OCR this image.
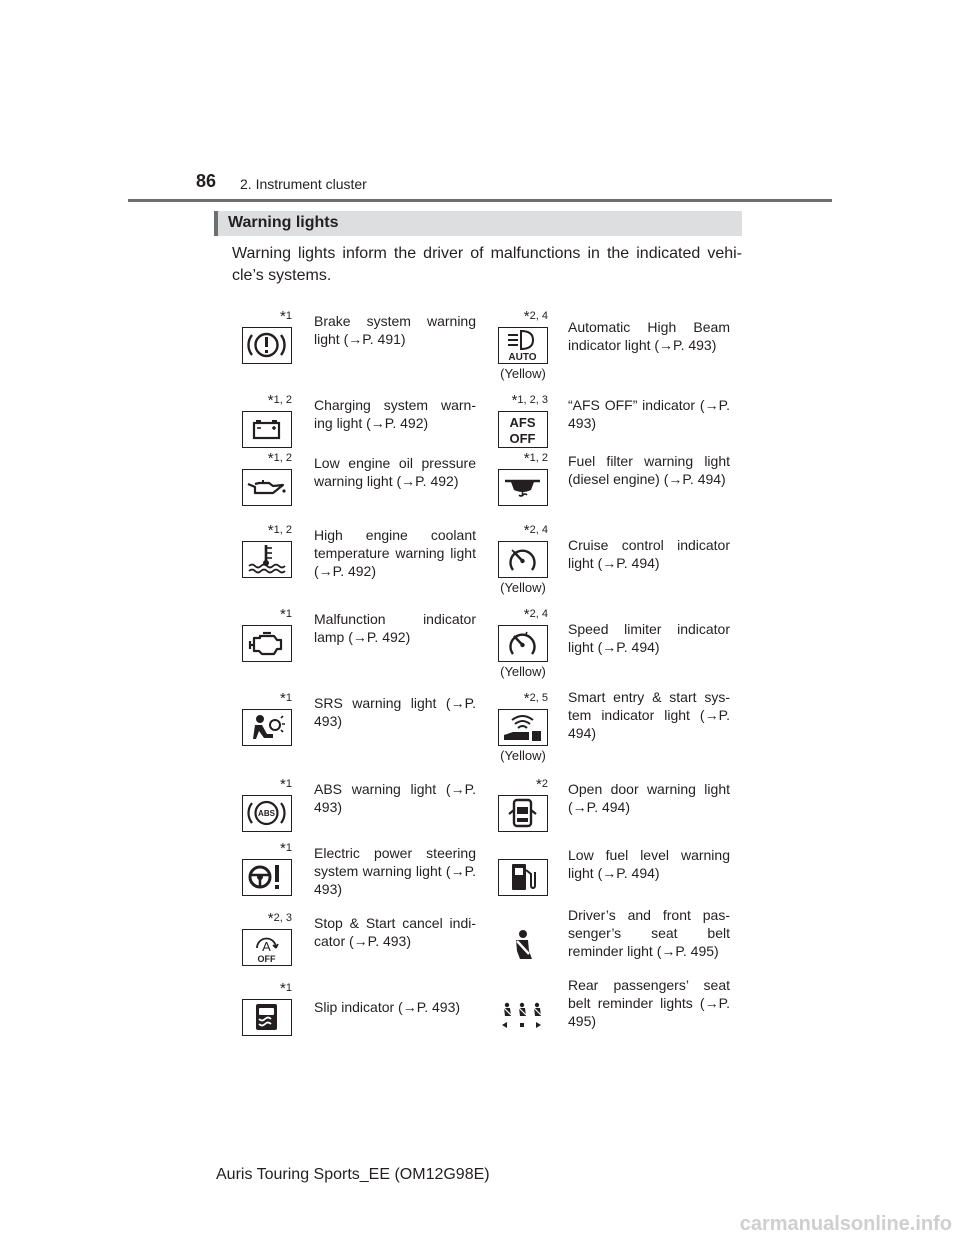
86 2. Instrument cluster
Warning lights
Warning lights inform the driver of malfunctions in the indicated vehi-cle’s systems.
*1 Brake system warning light (→P. 491)
*1, 2 Charging system warn-ing light (→P. 492)
*1, 2 Low engine oil pressure warning light (→P. 492)
*1, 2 High engine coolant temperature warning light (→P. 492)
*1 Malfunction indicator lamp (→P. 492)
*1 SRS warning light (→P. 493)
*1
ABS
ABS warning light (→P. 493)
*1 Electric power steering system warning light (→P. 493)
*2, 3
A
OFF
Stop & Start cancel indi-cator (→P. 493)
*1
Slip indicator (→P. 493)
*2, 4
AUTO
(Yellow)
Automatic High Beam indicator light (→P. 493)
*1, 2, 3
AFS
OFF
“AFS OFF” indicator (→P. 493)
*1, 2 Fuel filter warning light (diesel engine) (→P. 494)
*2, 4
(Yellow)
Cruise control indicator light (→P. 494)
*2, 4
(Yellow)
Speed limiter indicator light (→P. 494)
*2, 5
(Yellow)
Smart entry & start sys-tem indicator light (→P. 494)
*2 Open door warning light (→P. 494)
Low fuel level warning light (→P. 494)
Driver’s and front pas-senger’s seat belt reminder light (→P. 495)
Rear passengers’ seat belt reminder lights (→P. 495)
Auris Touring Sports_EE (OM12G98E)
carmanualsonline.info
